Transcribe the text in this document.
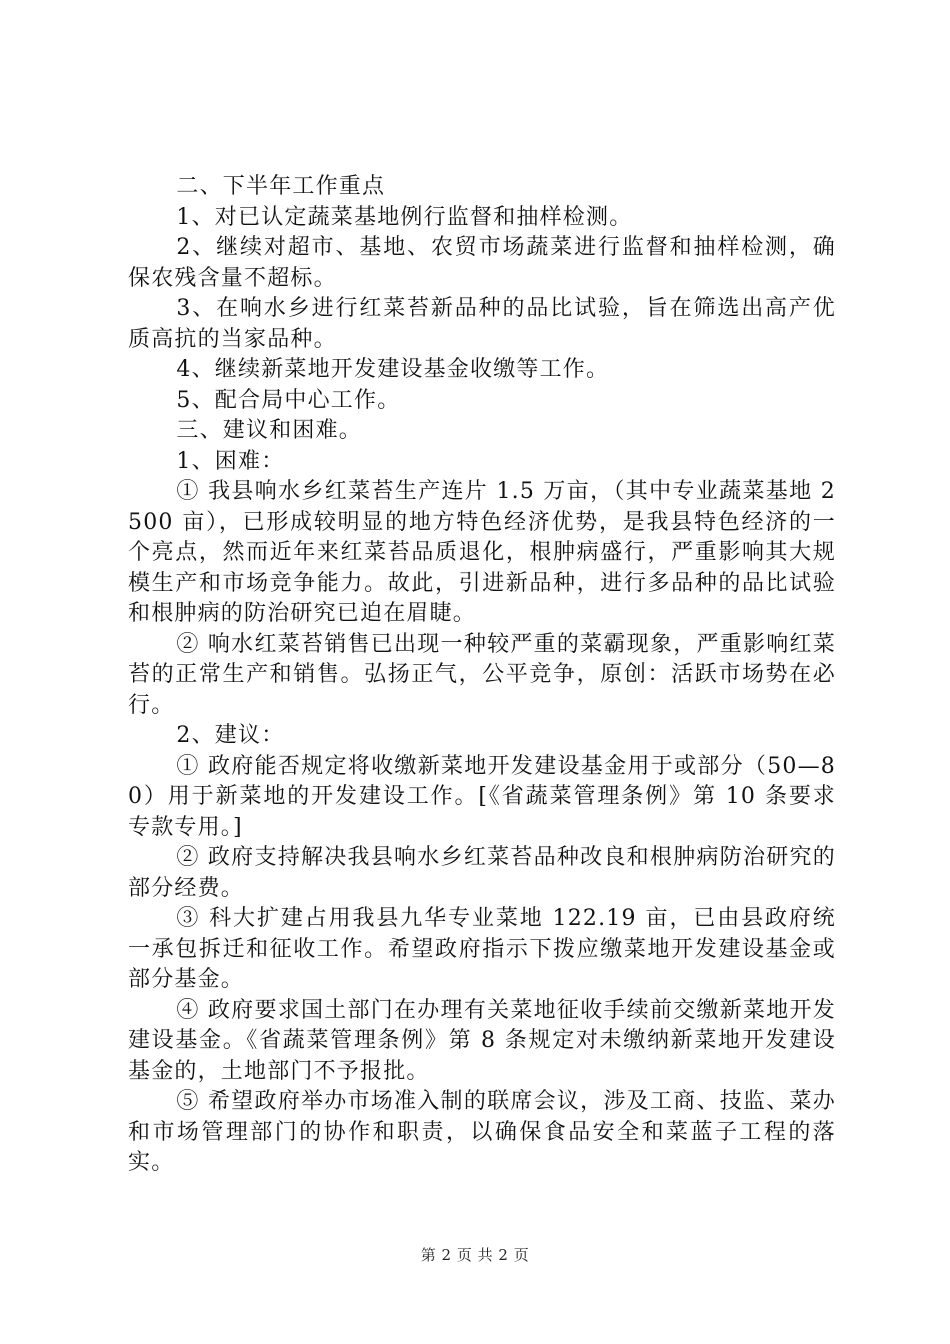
二、下半年工作重点

1、对已认定蔬菜基地例行监督和抽样检测。

2、继续对超市、基地、农贸市场蔬菜进行监督和抽样检测，确保农残含量不超标。

3、在响水乡进行红菜苔新品种的品比试验，旨在筛选出高产优质高抗的当家品种。

4、继续新菜地开发建设基金收缴等工作。

5、配合局中心工作。

三、建议和困难。

1、困难：

① 我县响水乡红菜苔生产连片 1.5 万亩，（其中专业蔬菜基地 2500 亩），已形成较明显的地方特色经济优势，是我县特色经济的一个亮点，然而近年来红菜苔品质退化，根肿病盛行，严重影响其大规模生产和市场竞争能力。故此，引进新品种，进行多品种的品比试验和根肿病的防治研究已迫在眉睫。

② 响水红菜苔销售已出现一种较严重的菜霸现象，严重影响红菜苔的正常生产和销售。弘扬正气，公平竞争，原创：活跃市场势在必行。

2、建议：

① 政府能否规定将收缴新菜地开发建设基金用于或部分（50—80）用于新菜地的开发建设工作。[《省蔬菜管理条例》第 10 条要求专款专用。]

② 政府支持解决我县响水乡红菜苔品种改良和根肿病防治研究的部分经费。

③ 科大扩建占用我县九华专业菜地 122.19 亩，已由县政府统一承包拆迁和征收工作。希望政府指示下拨应缴菜地开发建设基金或部分基金。

④ 政府要求国土部门在办理有关菜地征收手续前交缴新菜地开发建设基金。《省蔬菜管理条例》第 8 条规定对未缴纳新菜地开发建设基金的，土地部门不予报批。

⑤ 希望政府举办市场准入制的联席会议，涉及工商、技监、菜办和市场管理部门的协作和职责，以确保食品安全和菜蓝子工程的落实。

第 2 页 共 2 页
